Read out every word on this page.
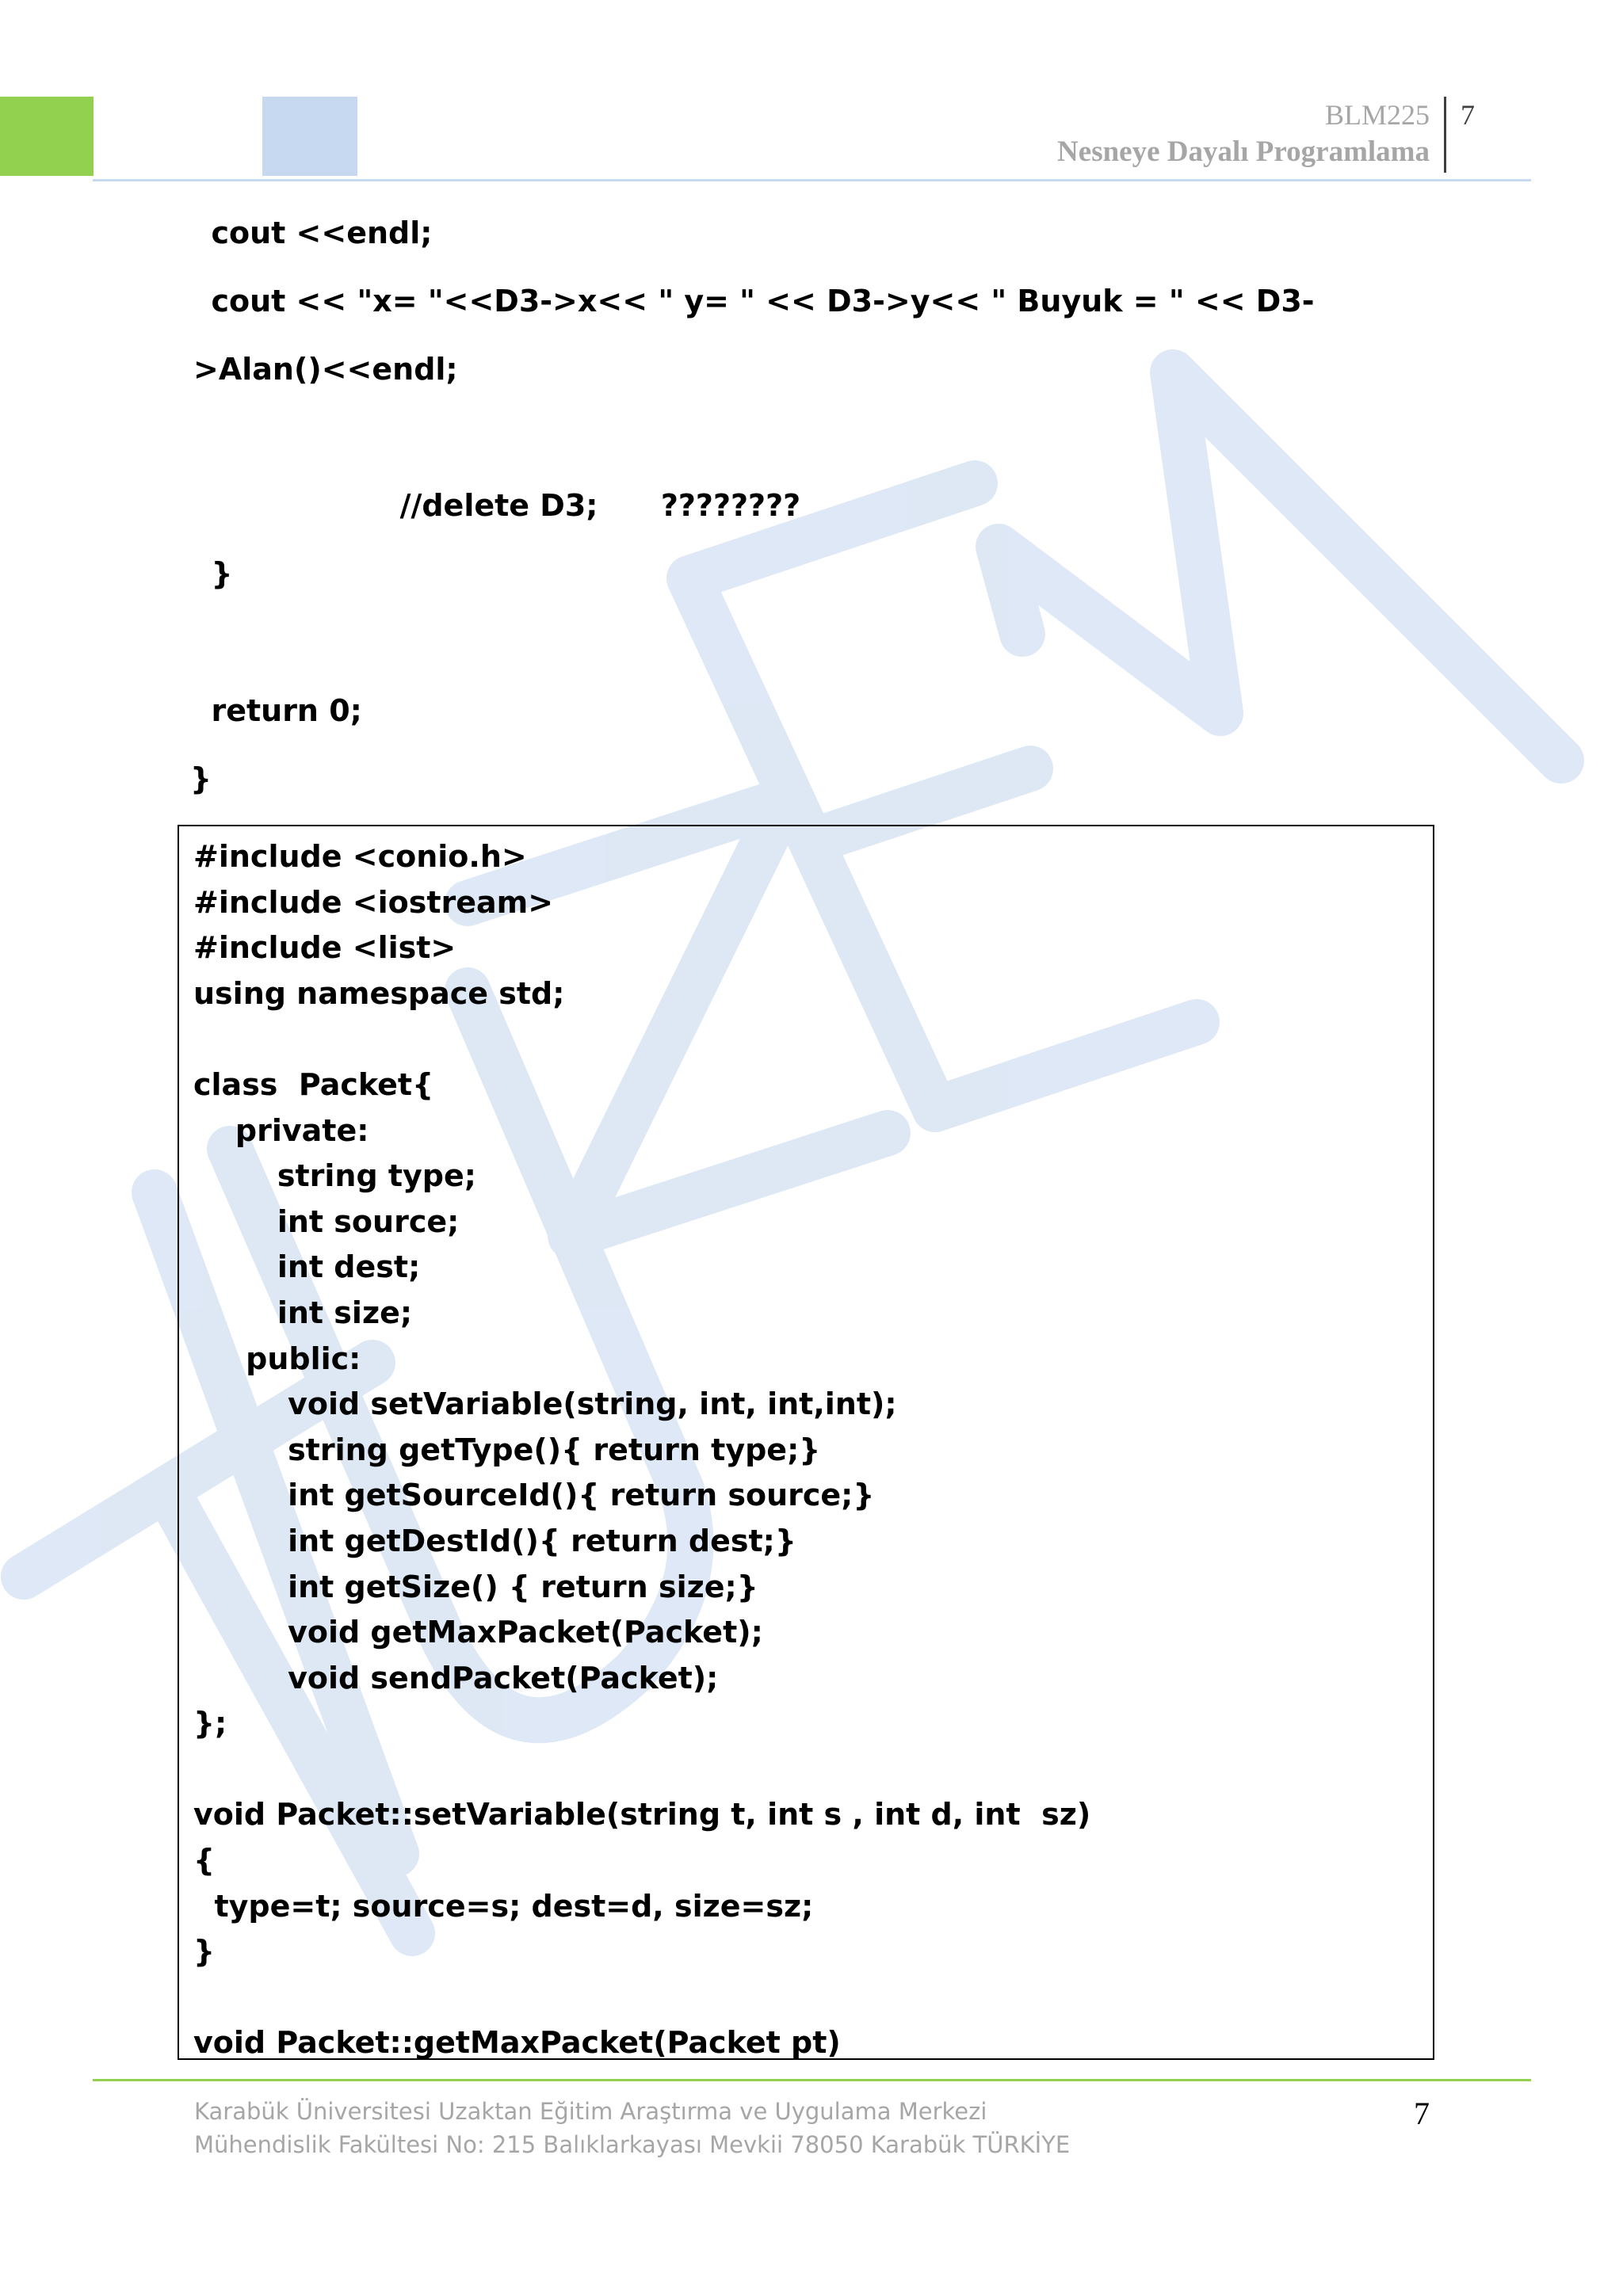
BLM225
Nesneye Dayalı Programlama
7
cout <<endl;
cout << "x= "<<D3->x<< " y= " << D3->y<< " Buyuk = " << D3-
>Alan()<<endl;
//delete D3;      ????????
}
return 0;
}
#include <conio.h>
#include <iostream>
#include <list>
using namespace std;

class  Packet{
private:
string type;
int source;
int dest;
int size;
public:
void setVariable(string, int, int,int);
string getType(){ return type;}
int getSourceId(){ return source;}
int getDestId(){ return dest;}
int getSize() { return size;}
void getMaxPacket(Packet);
void sendPacket(Packet);
};

void Packet::setVariable(string t, int s , int d, int  sz)
{
type=t; source=s; dest=d, size=sz;
}

void Packet::getMaxPacket(Packet pt)

Karabük Üniversitesi Uzaktan Eğitim Araştırma ve Uygulama Merkezi
Mühendislik Fakültesi No: 215 Balıklarkayası Mevkii 78050 Karabük TÜRKİYE
7
